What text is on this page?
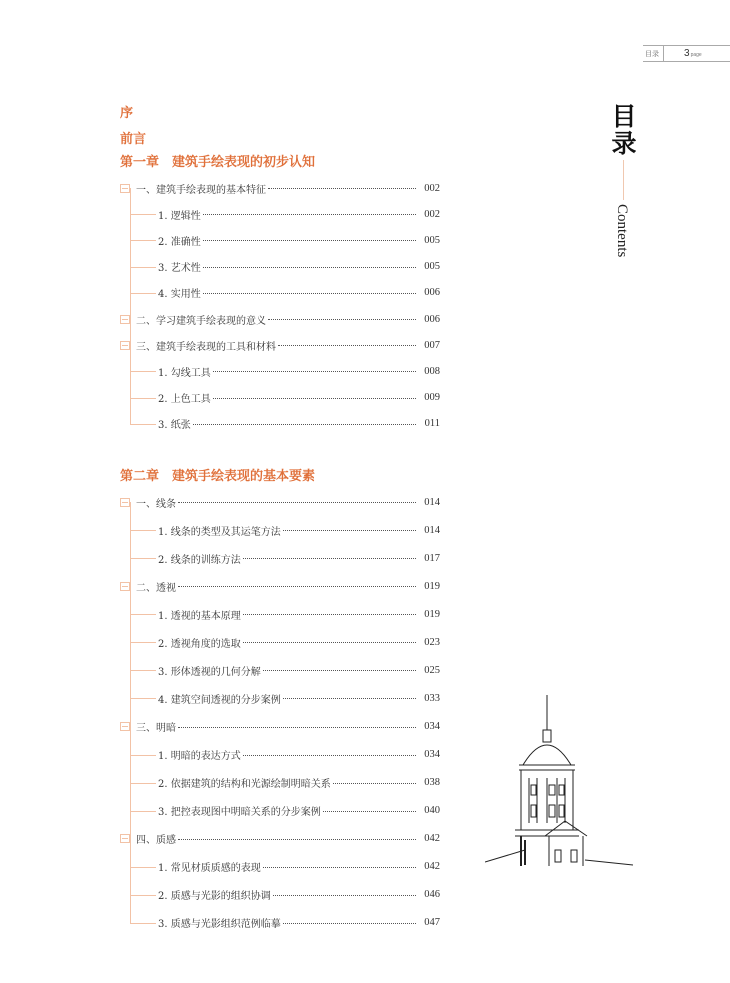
目录	3page
目录
Contents
序
前言
第一章　建筑手绘表现的初步认知
一、建筑手绘表现的基本特征	002
1. 逻辑性	002
2. 准确性	005
3. 艺术性	005
4. 实用性	006
二、学习建筑手绘表现的意义	006
三、建筑手绘表现的工具和材料	007
1. 勾线工具	008
2. 上色工具	009
3. 纸张	011
第二章　建筑手绘表现的基本要素
一、线条	014
1. 线条的类型及其运笔方法	014
2. 线条的训练方法	017
二、透视	019
1. 透视的基本原理	019
2. 透视角度的选取	023
3. 形体透视的几何分解	025
4. 建筑空间透视的分步案例	033
三、明暗	034
1. 明暗的表达方式	034
2. 依据建筑的结构和光源绘制明暗关系	038
3. 把控表现图中明暗关系的分步案例	040
四、质感	042
1. 常见材质质感的表现	042
2. 质感与光影的组织协调	046
3. 质感与光影组织范例临摹	047
